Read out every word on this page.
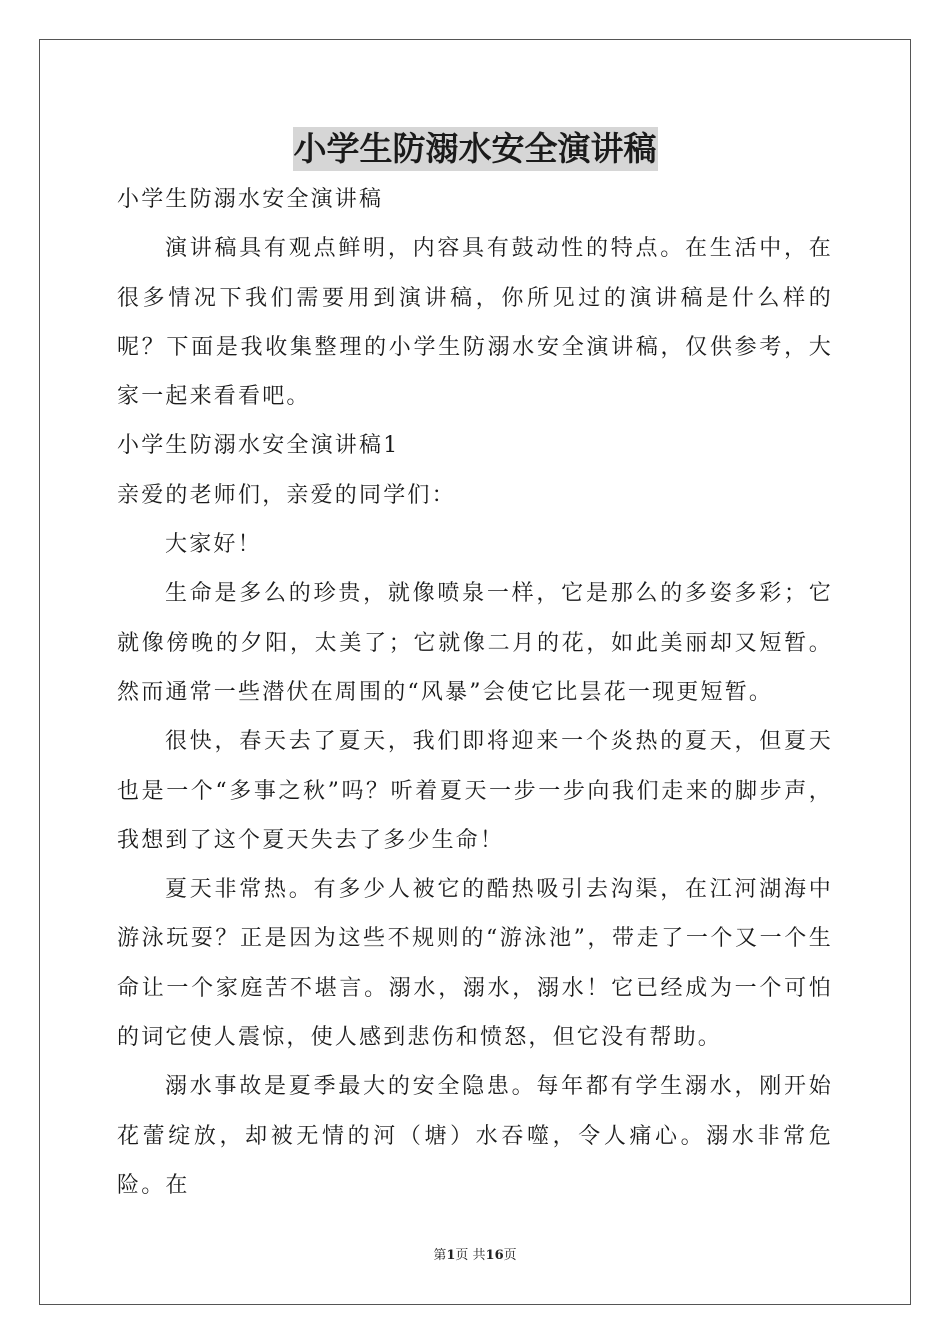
小学生防溺水安全演讲稿

小学生防溺水安全演讲稿

演讲稿具有观点鲜明，内容具有鼓动性的特点。在生活中，在很多情况下我们需要用到演讲稿，你所见过的演讲稿是什么样的呢？下面是我收集整理的小学生防溺水安全演讲稿，仅供参考，大家一起来看看吧。

小学生防溺水安全演讲稿1

亲爱的老师们，亲爱的同学们：

大家好！

生命是多么的珍贵，就像喷泉一样，它是那么的多姿多彩；它就像傍晚的夕阳，太美了；它就像二月的花，如此美丽却又短暂。然而通常一些潜伏在周围的“风暴”会使它比昙花一现更短暂。

很快，春天去了夏天，我们即将迎来一个炎热的夏天，但夏天也是一个“多事之秋”吗？听着夏天一步一步向我们走来的脚步声，我想到了这个夏天失去了多少生命！

夏天非常热。有多少人被它的酷热吸引去沟渠，在江河湖海中游泳玩耍？正是因为这些不规则的“游泳池”，带走了一个又一个生命让一个家庭苦不堪言。溺水，溺水，溺水！它已经成为一个可怕的词它使人震惊，使人感到悲伤和愤怒，但它没有帮助。

溺水事故是夏季最大的安全隐患。每年都有学生溺水，刚开始花蕾绽放，却被无情的河（塘）水吞噬，令人痛心。溺水非常危险。在

第1页 共16页
